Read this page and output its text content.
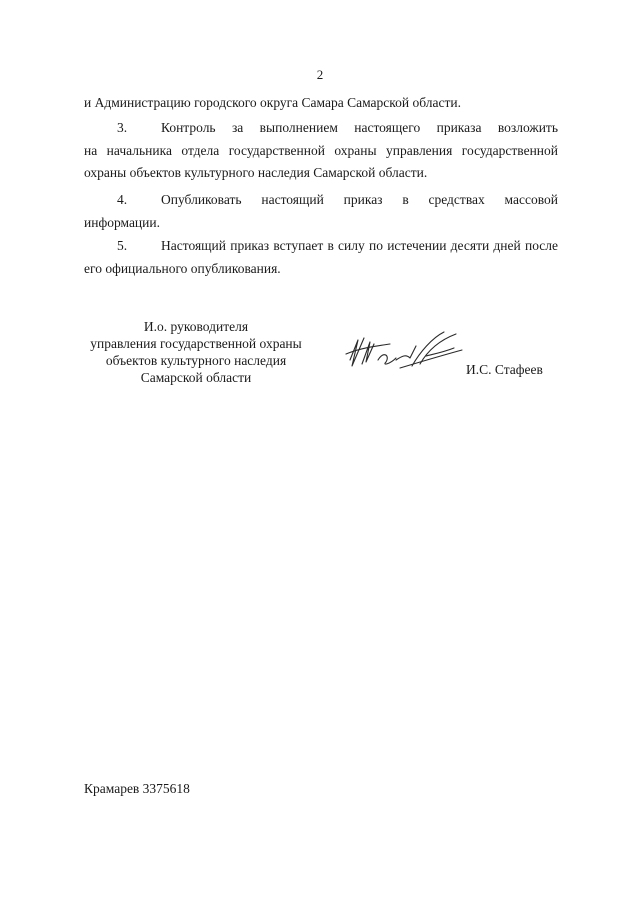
2
и Администрацию городского округа Самара Самарской области.
3.	Контроль за выполнением настоящего приказа возложить
на начальника отдела государственной охраны управления государственной
охраны объектов культурного наследия Самарской области.
4.	Опубликовать настоящий приказ в средствах массовой
информации.
5.	Настоящий приказ вступает в силу по истечении десяти дней после
его официального опубликования.
И.о. руководителя
управления государственной охраны
объектов культурного наследия
Самарской области
И.С. Стафеев
Крамарев 3375618
